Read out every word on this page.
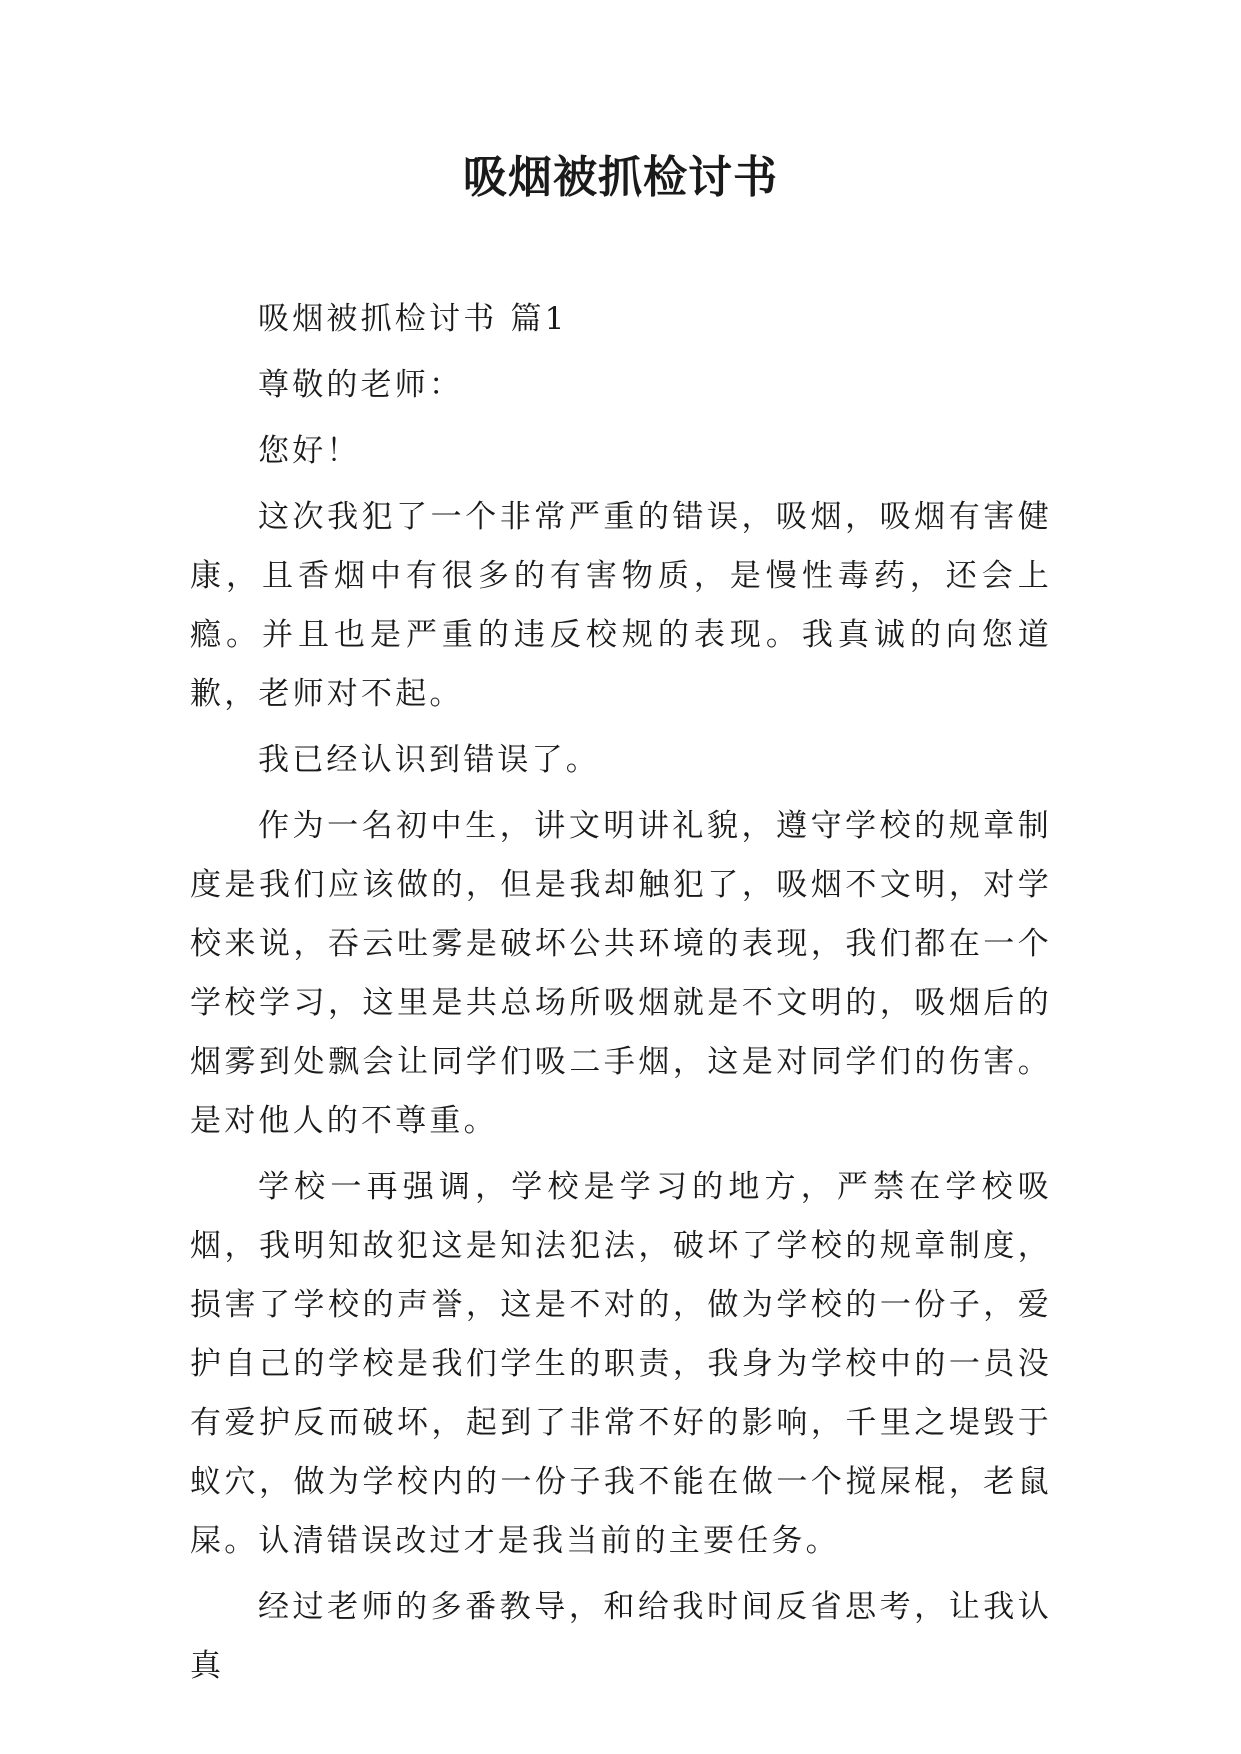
吸烟被抓检讨书

吸烟被抓检讨书 篇1

尊敬的老师：

您好！

这次我犯了一个非常严重的错误，吸烟，吸烟有害健康，且香烟中有很多的有害物质，是慢性毒药，还会上瘾。并且也是严重的违反校规的表现。我真诚的向您道歉，老师对不起。

我已经认识到错误了。

作为一名初中生，讲文明讲礼貌，遵守学校的规章制度是我们应该做的，但是我却触犯了，吸烟不文明，对学校来说，吞云吐雾是破坏公共环境的表现，我们都在一个学校学习，这里是共总场所吸烟就是不文明的，吸烟后的烟雾到处飘会让同学们吸二手烟，这是对同学们的伤害。是对他人的不尊重。

学校一再强调，学校是学习的地方，严禁在学校吸烟，我明知故犯这是知法犯法，破坏了学校的规章制度，损害了学校的声誉，这是不对的，做为学校的一份子，爱护自己的学校是我们学生的职责，我身为学校中的一员没有爱护反而破坏，起到了非常不好的影响，千里之堤毁于蚁穴，做为学校内的一份子我不能在做一个搅屎棍，老鼠屎。认清错误改过才是我当前的主要任务。

经过老师的多番教导，和给我时间反省思考，让我认真
